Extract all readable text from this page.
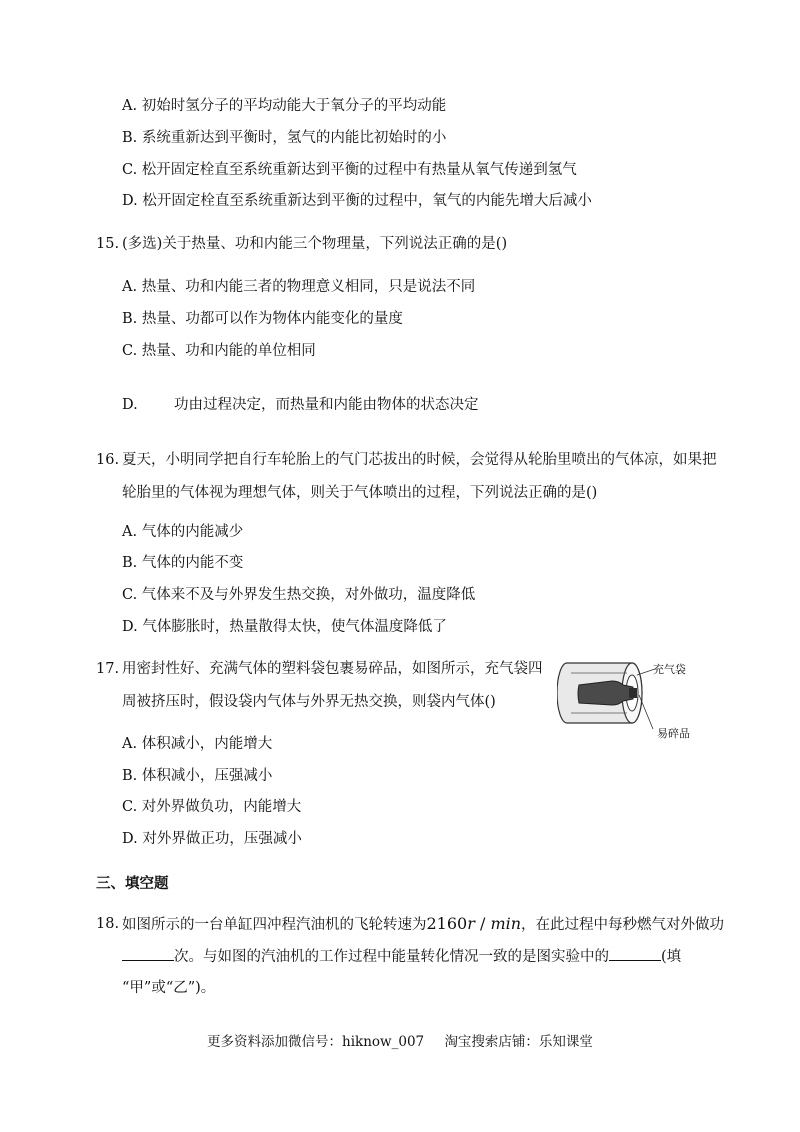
A. 初始时氢分子的平均动能大于氧分子的平均动能
B. 系统重新达到平衡时，氢气的内能比初始时的小
C. 松开固定栓直至系统重新达到平衡的过程中有热量从氧气传递到氢气
D. 松开固定栓直至系统重新达到平衡的过程中，氧气的内能先增大后减小
15. (多选)关于热量、功和内能三个物理量，下列说法正确的是()
A. 热量、功和内能三者的物理意义相同，只是说法不同
B. 热量、功都可以作为物体内能变化的量度
C. 热量、功和内能的单位相同
D.	功由过程决定，而热量和内能由物体的状态决定
16. 夏天，小明同学把自行车轮胎上的气门芯拔出的时候，会觉得从轮胎里喷出的气体凉，如果把
轮胎里的气体视为理想气体，则关于气体喷出的过程，下列说法正确的是()
A. 气体的内能减少
B. 气体的内能不变
C. 气体来不及与外界发生热交换，对外做功，温度降低
D. 气体膨胀时，热量散得太快，使气体温度降低了
17. 用密封性好、充满气体的塑料袋包裹易碎品，如图所示，充气袋四
周被挤压时，假设袋内气体与外界无热交换，则袋内气体()
A. 体积减小，内能增大
B. 体积减小，压强减小
C. 对外界做负功，内能增大
D. 对外界做正功，压强减小
充气袋
易碎品
三、填空题
18. 如图所示的一台单缸四冲程汽油机的飞轮转速为2160r / min，在此过程中每秒燃气对外做功
次。与如图的汽油机的工作过程中能量转化情况一致的是图实验中的	(填
“甲”或“乙”)。
更多资料添加微信号：hiknow_007 淘宝搜索店铺：乐知课堂
